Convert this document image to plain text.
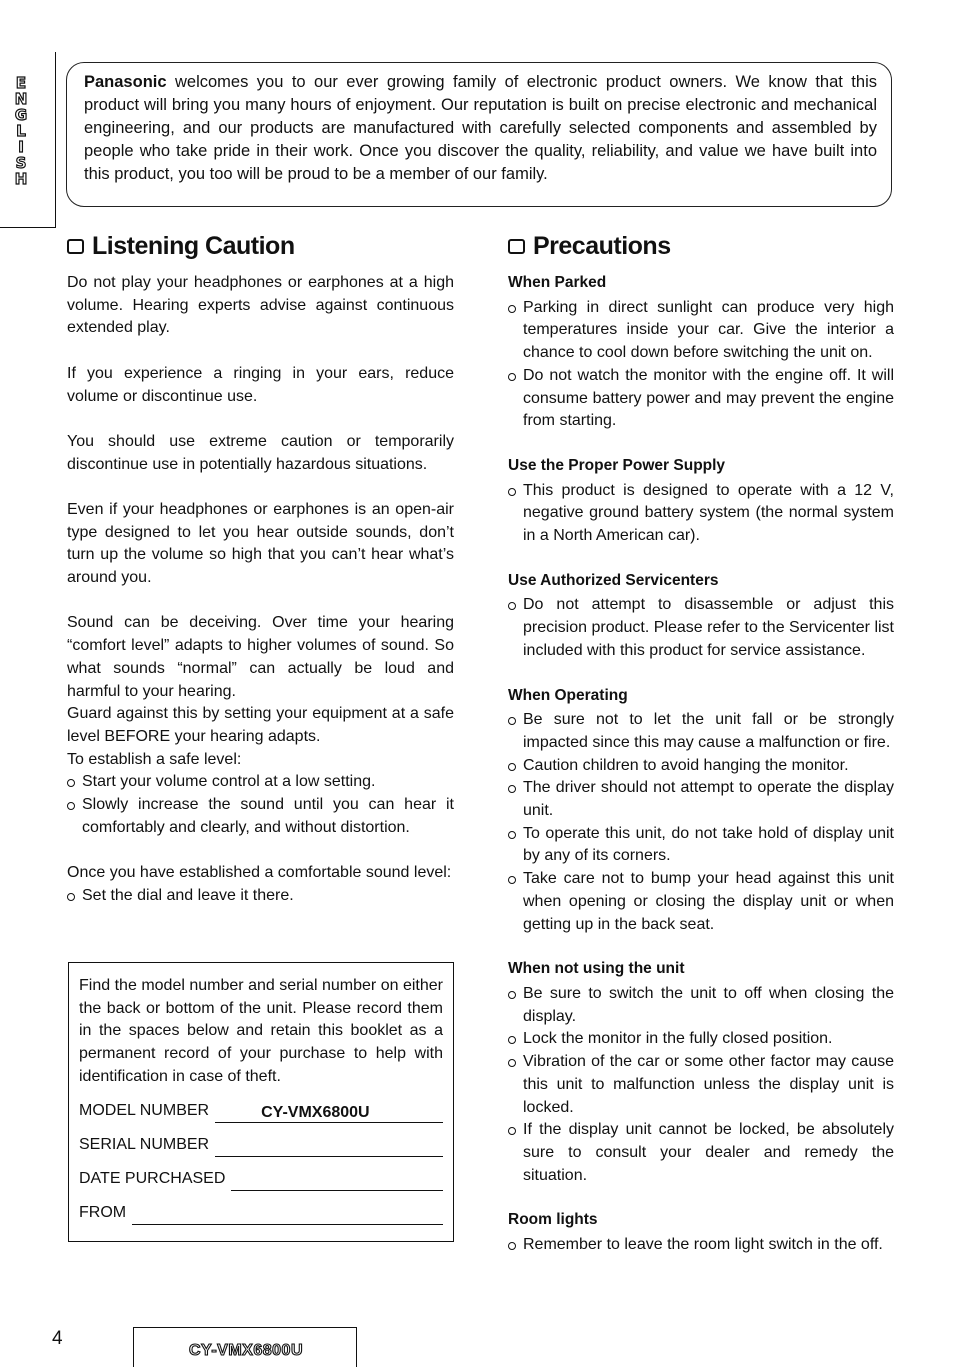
ENGLISH	Panasonic welcomes you to our ever growing family of electronic product owners. We know that this product will bring you many hours of enjoyment. Our reputation is built on precise electronic and mechanical engineering, and our products are manufactured with carefully selected components and assembled by people who take pride in their work. Once you discover the quality, reliability, and value we have built into this product, you too will be proud to be a member of our family.
Listening Caution	Precautions

Do not play your headphones or earphones at a high volume. Hearing experts advise against continuous extended play.

If you experience a ringing in your ears, reduce volume or discontinue use.

You should use extreme caution or temporarily discontinue use in potentially hazardous situations.

Even if your headphones or earphones is an open-air type designed to let you hear outside sounds, don’t turn up the volume so high that you can’t hear what’s around you.

Sound can be deceiving. Over time your hearing “comfort level” adapts to higher volumes of sound. So what sounds “normal” can actually be loud and harmful to your hearing.

Guard against this by setting your equipment at a safe level BEFORE your hearing adapts.

To establish a safe level:

Start your volume control at a low setting.

Slowly increase the sound until you can hear it comfortably and clearly, and without distortion.

Once you have established a comfortable sound level:

Set the dial and leave it there.

Find the model number and serial number on either the back or bottom of the unit. Please record them in the spaces below and retain this booklet as a permanent record of your purchase to help with identification in case of theft.

MODEL NUMBER	CY-VMX6800U
SERIAL NUMBER
DATE PURCHASED
FROM

When Parked

Parking in direct sunlight can produce very high temperatures inside your car. Give the interior a chance to cool down before switching the unit on.

Do not watch the monitor with the engine off. It will consume battery power and may prevent the engine from starting.

Use the Proper Power Supply

This product is designed to operate with a 12 V, negative ground battery system (the normal system in a North American car).

Use Authorized Servicenters

Do not attempt to disassemble or adjust this precision product. Please refer to the Servicenter list included with this product for service assistance.

When Operating

Be sure not to let the unit fall or be strongly impacted since this may cause a malfunction or fire.

Caution children to avoid hanging the monitor.

The driver should not attempt to operate the display unit.

To operate this unit, do not take hold of display unit by any of its corners.

Take care not to bump your head against this unit when opening or closing the display unit or when getting up in the back seat.

When not using the unit

Be sure to switch the unit to off when closing the display.

Lock the monitor in the fully closed position.

Vibration of the car or some other factor may cause this unit to malfunction unless the display unit is locked.

If the display unit cannot be locked, be absolutely sure to consult your dealer and remedy the situation.

Room lights

Remember to leave the room light switch in the off.

4
CY-VMX6800U
